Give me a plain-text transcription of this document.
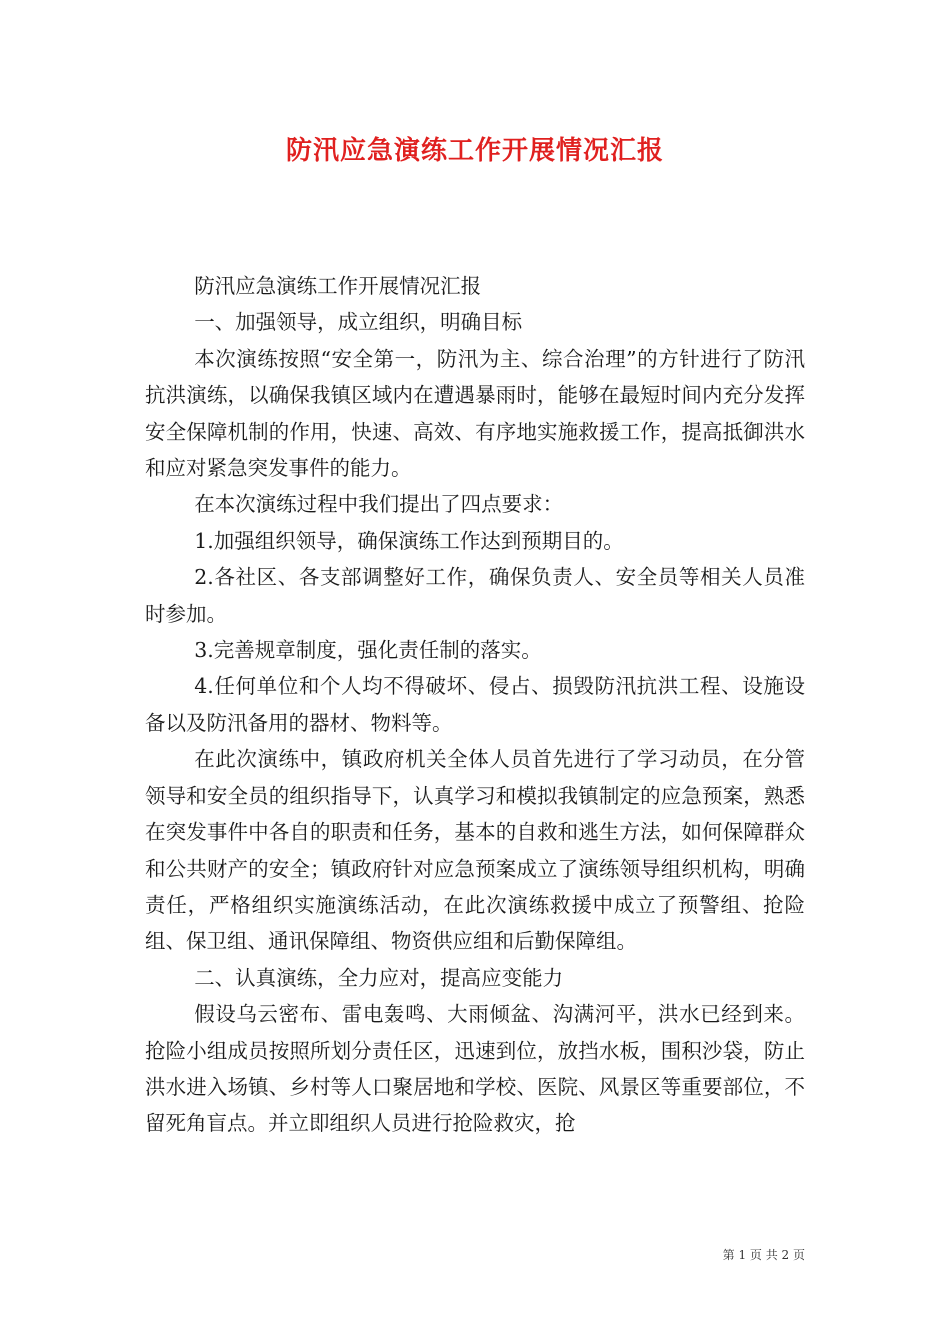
防汛应急演练工作开展情况汇报

防汛应急演练工作开展情况汇报

一、加强领导，成立组织，明确目标

本次演练按照“安全第一，防汛为主、综合治理”的方针进行了防汛抗洪演练，以确保我镇区域内在遭遇暴雨时，能够在最短时间内充分发挥安全保障机制的作用，快速、高效、有序地实施救援工作，提高抵御洪水和应对紧急突发事件的能力。

在本次演练过程中我们提出了四点要求：

1.加强组织领导，确保演练工作达到预期目的。

2.各社区、各支部调整好工作，确保负责人、安全员等相关人员准时参加。

3.完善规章制度，强化责任制的落实。

4.任何单位和个人均不得破坏、侵占、损毁防汛抗洪工程、设施设备以及防汛备用的器材、物料等。

在此次演练中，镇政府机关全体人员首先进行了学习动员，在分管领导和安全员的组织指导下，认真学习和模拟我镇制定的应急预案，熟悉在突发事件中各自的职责和任务，基本的自救和逃生方法，如何保障群众和公共财产的安全；镇政府针对应急预案成立了演练领导组织机构，明确责任，严格组织实施演练活动，在此次演练救援中成立了预警组、抢险组、保卫组、通讯保障组、物资供应组和后勤保障组。

二、认真演练，全力应对，提高应变能力

假设乌云密布、雷电轰鸣、大雨倾盆、沟满河平，洪水已经到来。抢险小组成员按照所划分责任区，迅速到位，放挡水板，围积沙袋，防止洪水进入场镇、乡村等人口聚居地和学校、医院、风景区等重要部位，不留死角盲点。并立即组织人员进行抢险救灾，抢

第 1 页 共 2 页
